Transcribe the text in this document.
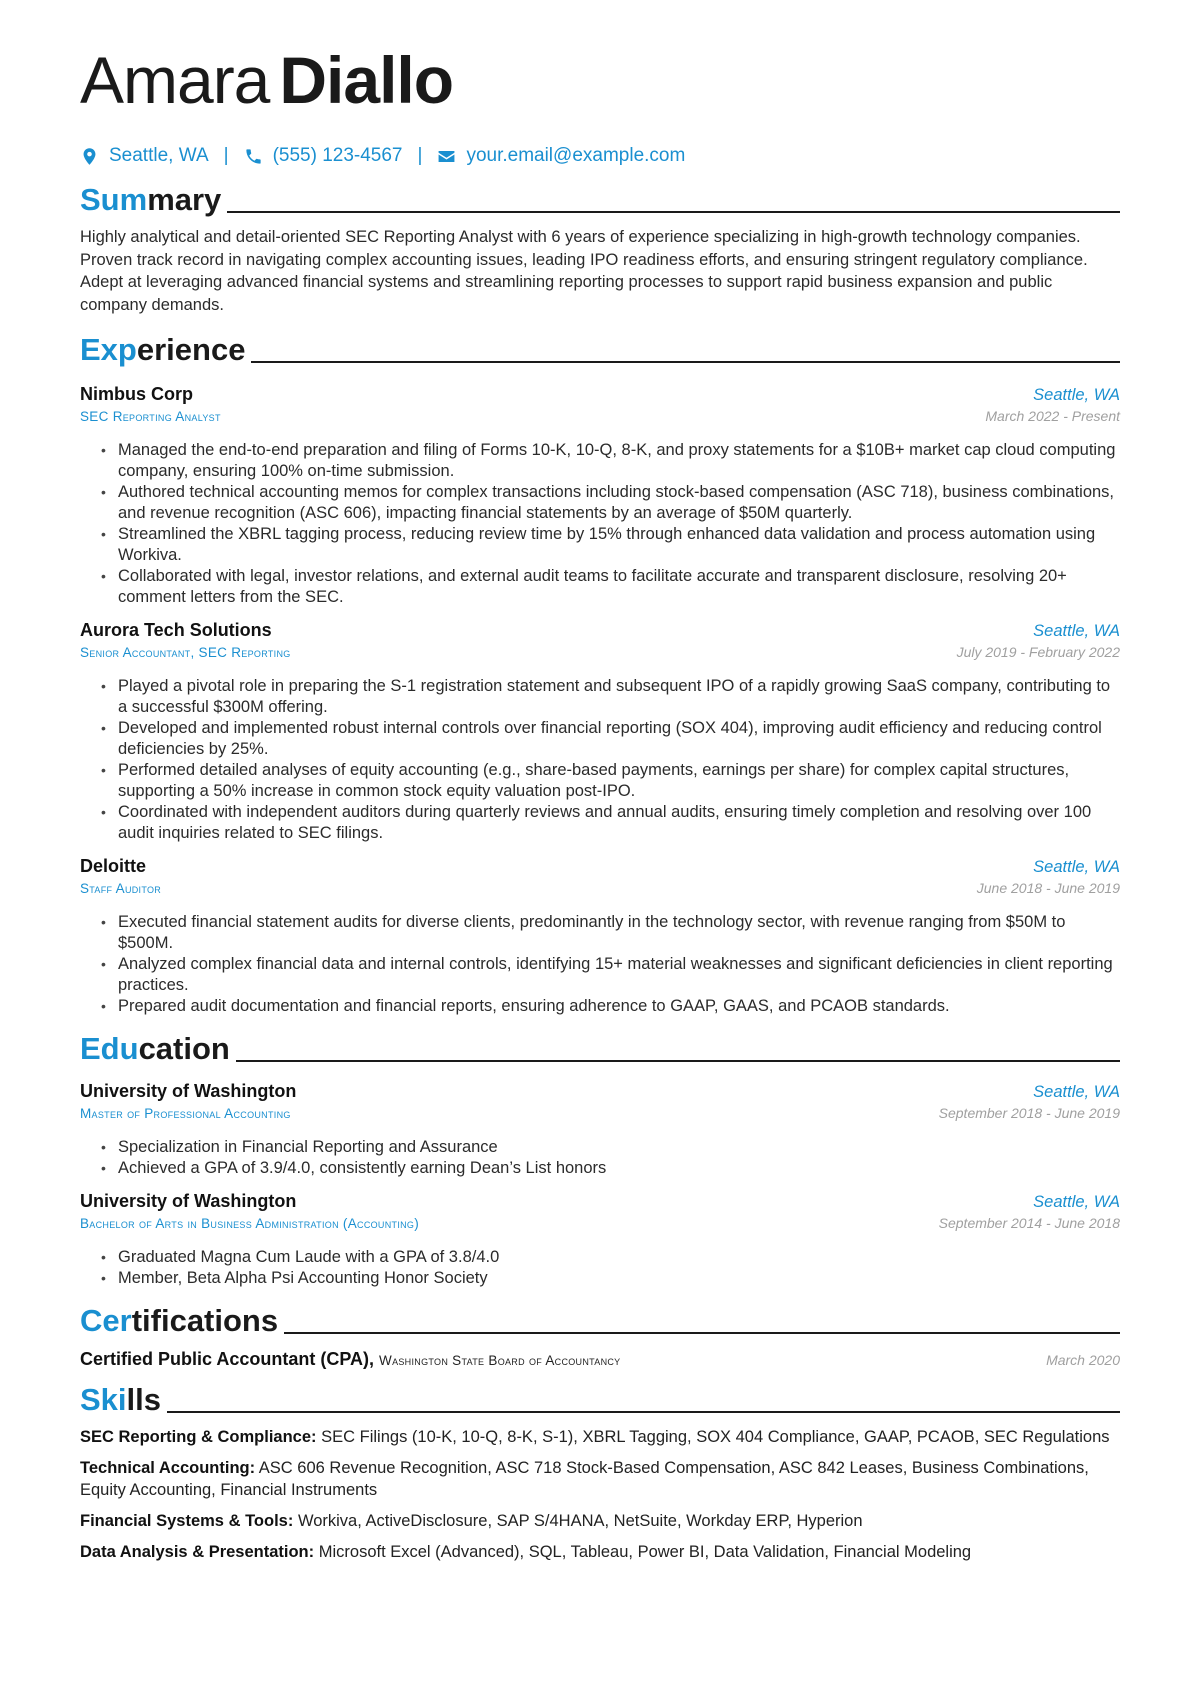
Amara Diallo
Seattle, WA | (555) 123-4567 | your.email@example.com
Summary
Highly analytical and detail-oriented SEC Reporting Analyst with 6 years of experience specializing in high-growth technology companies. Proven track record in navigating complex accounting issues, leading IPO readiness efforts, and ensuring stringent regulatory compliance. Adept at leveraging advanced financial systems and streamlining reporting processes to support rapid business expansion and public company demands.
Experience
Nimbus Corp	Seattle, WA
SEC Reporting Analyst	March 2022 - Present
• Managed the end-to-end preparation and filing of Forms 10-K, 10-Q, 8-K, and proxy statements for a $10B+ market cap cloud computing company, ensuring 100% on-time submission.
• Authored technical accounting memos for complex transactions including stock-based compensation (ASC 718), business combinations, and revenue recognition (ASC 606), impacting financial statements by an average of $50M quarterly.
• Streamlined the XBRL tagging process, reducing review time by 15% through enhanced data validation and process automation using Workiva.
• Collaborated with legal, investor relations, and external audit teams to facilitate accurate and transparent disclosure, resolving 20+ comment letters from the SEC.
Aurora Tech Solutions	Seattle, WA
Senior Accountant, SEC Reporting	July 2019 - February 2022
• Played a pivotal role in preparing the S-1 registration statement and subsequent IPO of a rapidly growing SaaS company, contributing to a successful $300M offering.
• Developed and implemented robust internal controls over financial reporting (SOX 404), improving audit efficiency and reducing control deficiencies by 25%.
• Performed detailed analyses of equity accounting (e.g., share-based payments, earnings per share) for complex capital structures, supporting a 50% increase in common stock equity valuation post-IPO.
• Coordinated with independent auditors during quarterly reviews and annual audits, ensuring timely completion and resolving over 100 audit inquiries related to SEC filings.
Deloitte	Seattle, WA
Staff Auditor	June 2018 - June 2019
• Executed financial statement audits for diverse clients, predominantly in the technology sector, with revenue ranging from $50M to $500M.
• Analyzed complex financial data and internal controls, identifying 15+ material weaknesses and significant deficiencies in client reporting practices.
• Prepared audit documentation and financial reports, ensuring adherence to GAAP, GAAS, and PCAOB standards.
Education
University of Washington	Seattle, WA
Master of Professional Accounting	September 2018 - June 2019
• Specialization in Financial Reporting and Assurance
• Achieved a GPA of 3.9/4.0, consistently earning Dean’s List honors
University of Washington	Seattle, WA
Bachelor of Arts in Business Administration (Accounting)	September 2014 - June 2018
• Graduated Magna Cum Laude with a GPA of 3.8/4.0
• Member, Beta Alpha Psi Accounting Honor Society
Certifications
Certified Public Accountant (CPA), Washington State Board of Accountancy	March 2020
Skills
SEC Reporting & Compliance: SEC Filings (10-K, 10-Q, 8-K, S-1), XBRL Tagging, SOX 404 Compliance, GAAP, PCAOB, SEC Regulations
Technical Accounting: ASC 606 Revenue Recognition, ASC 718 Stock-Based Compensation, ASC 842 Leases, Business Combinations, Equity Accounting, Financial Instruments
Financial Systems & Tools: Workiva, ActiveDisclosure, SAP S/4HANA, NetSuite, Workday ERP, Hyperion
Data Analysis & Presentation: Microsoft Excel (Advanced), SQL, Tableau, Power BI, Data Validation, Financial Modeling
